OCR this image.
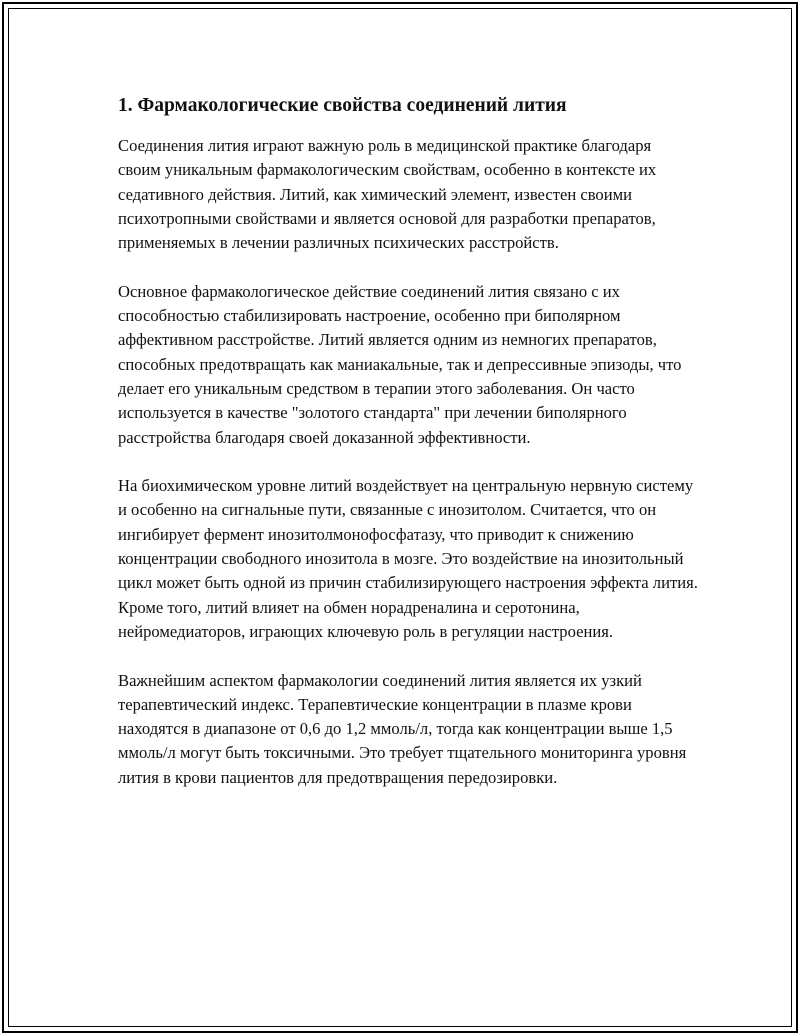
1. Фармакологические свойства соединений лития

Соединения лития играют важную роль в медицинской практике благодаря своим уникальным фармакологическим свойствам, особенно в контексте их седативного действия. Литий, как химический элемент, известен своими психотропными свойствами и является основой для разработки препаратов, применяемых в лечении различных психических расстройств.

Основное фармакологическое действие соединений лития связано с их способностью стабилизировать настроение, особенно при биполярном аффективном расстройстве. Литий является одним из немногих препаратов, способных предотвращать как маниакальные, так и депрессивные эпизоды, что делает его уникальным средством в терапии этого заболевания. Он часто используется в качестве "золотого стандарта" при лечении биполярного расстройства благодаря своей доказанной эффективности.

На биохимическом уровне литий воздействует на центральную нервную систему и особенно на сигнальные пути, связанные с инозитолом. Считается, что он ингибирует фермент инозитолмонофосфатазу, что приводит к снижению концентрации свободного инозитола в мозге. Это воздействие на инозитольный цикл может быть одной из причин стабилизирующего настроения эффекта лития. Кроме того, литий влияет на обмен норадреналина и серотонина, нейромедиаторов, играющих ключевую роль в регуляции настроения.

Важнейшим аспектом фармакологии соединений лития является их узкий терапевтический индекс. Терапевтические концентрации в плазме крови находятся в диапазоне от 0,6 до 1,2 ммоль/л, тогда как концентрации выше 1,5 ммоль/л могут быть токсичными. Это требует тщательного мониторинга уровня лития в крови пациентов для предотвращения передозировки.
